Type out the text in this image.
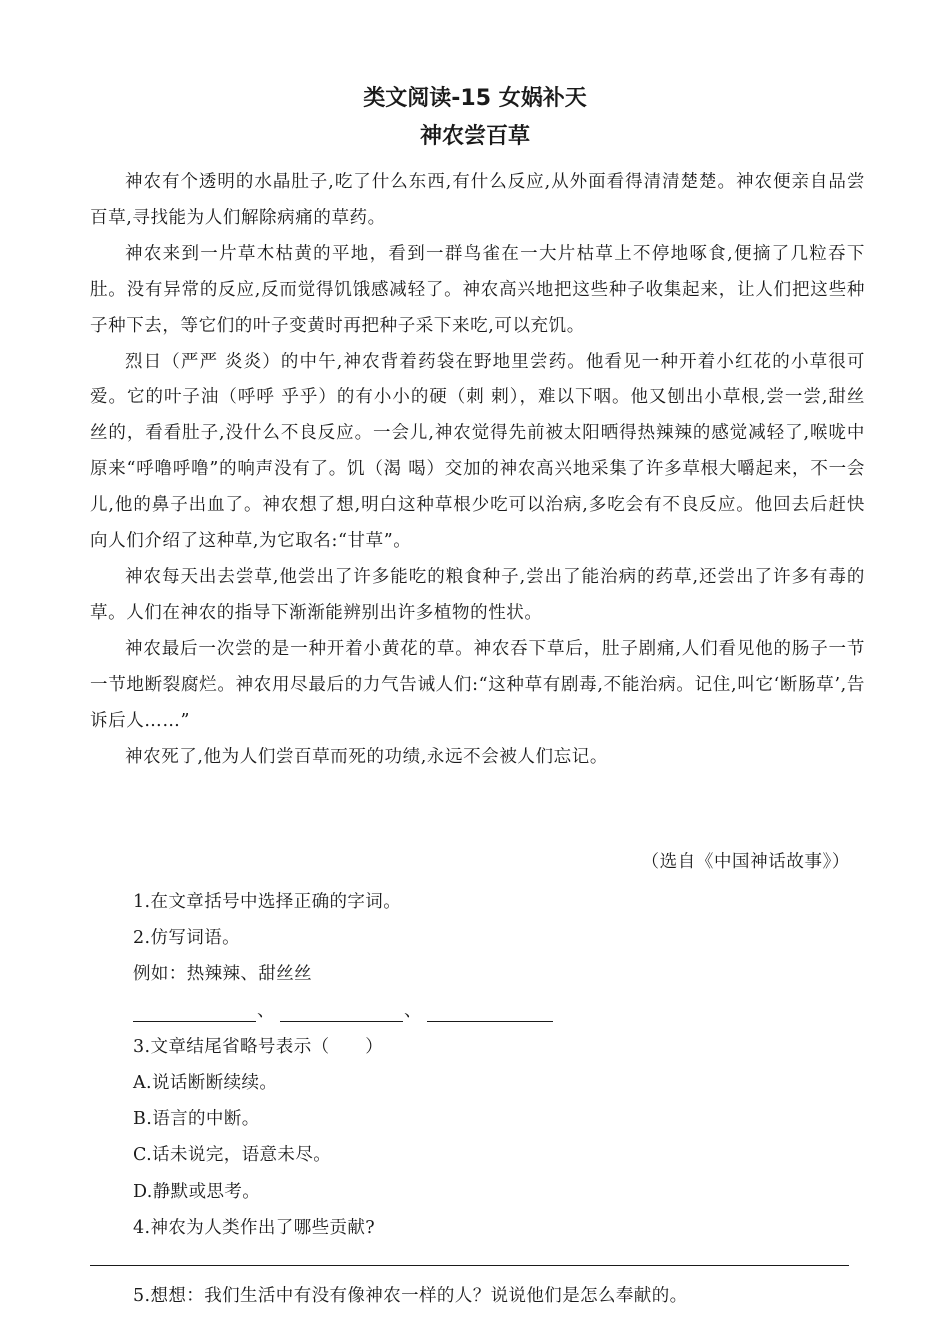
类文阅读-15 女娲补天
神农尝百草

神农有个透明的水晶肚子,吃了什么东西,有什么反应,从外面看得清清楚楚。神农便亲自品尝百草,寻找能为人们解除病痛的草药。

神农来到一片草木枯黄的平地，看到一群鸟雀在一大片枯草上不停地啄食,便摘了几粒吞下肚。没有异常的反应,反而觉得饥饿感减轻了。神农高兴地把这些种子收集起来，让人们把这些种子种下去，等它们的叶子变黄时再把种子采下来吃,可以充饥。

烈日（严严 炎炎）的中午,神农背着药袋在野地里尝药。他看见一种开着小红花的小草很可爱。它的叶子油（呼呼 乎乎）的有小小的硬（刺 剌），难以下咽。他又刨出小草根,尝一尝,甜丝丝的，看看肚子,没什么不良反应。一会儿,神农觉得先前被太阳晒得热辣辣的感觉减轻了,喉咙中原来“呼噜呼噜”的响声没有了。饥（渴 喝）交加的神农高兴地采集了许多草根大嚼起来，不一会儿,他的鼻子出血了。神农想了想,明白这种草根少吃可以治病,多吃会有不良反应。他回去后赶快向人们介绍了这种草,为它取名:“甘草”。

神农每天出去尝草,他尝出了许多能吃的粮食种子,尝出了能治病的药草,还尝出了许多有毒的草。人们在神农的指导下渐渐能辨别出许多植物的性状。

神农最后一次尝的是一种开着小黄花的草。神农吞下草后，肚子剧痛,人们看见他的肠子一节一节地断裂腐烂。神农用尽最后的力气告诫人们:“这种草有剧毒,不能治病。记住,叫它‘断肠草’,告诉后人……”

神农死了,他为人们尝百草而死的功绩,永远不会被人们忘记。

（选自《中国神话故事》）
1.在文章括号中选择正确的字词。
2.仿写词语。
例如：热辣辣、甜丝丝
、	、
3.文章结尾省略号表示（　　）
A.说话断断续续。
B.语言的中断。
C.话未说完，语意未尽。
D.静默或思考。
4.神农为人类作出了哪些贡献?
5.想想：我们生活中有没有像神农一样的人？说说他们是怎么奉献的。
